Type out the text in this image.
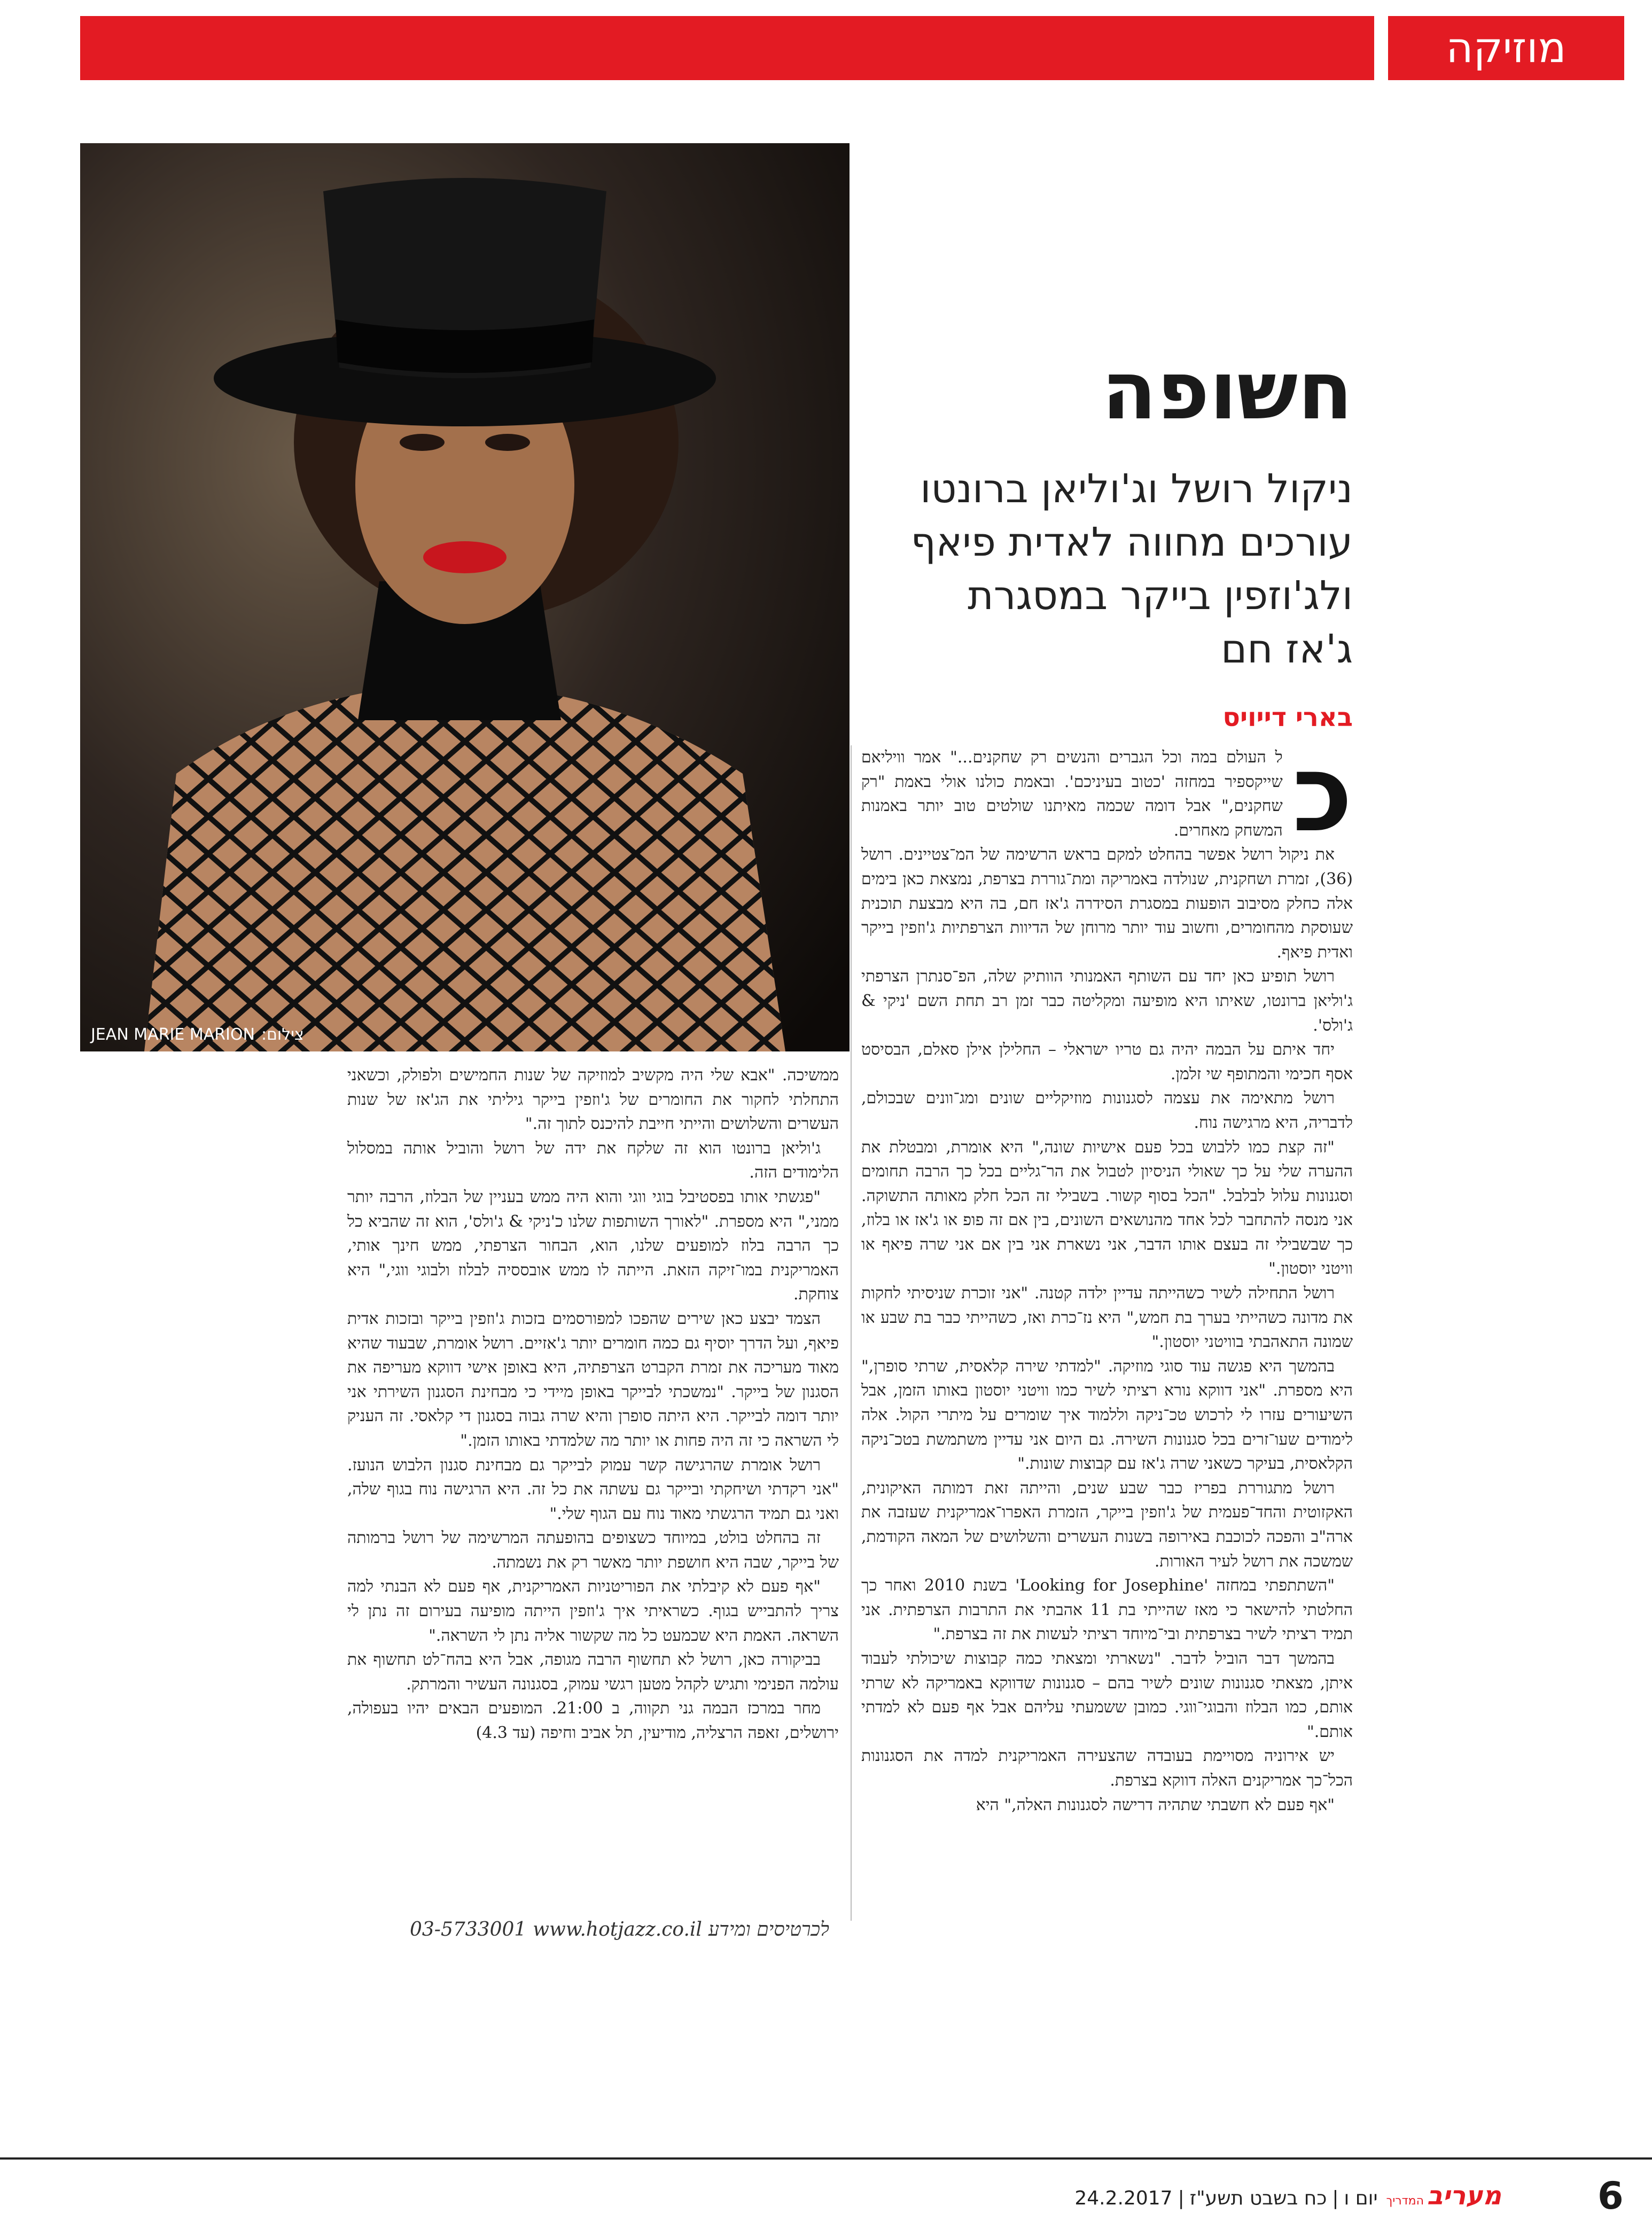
מוזיקה
צילום:JEAN MARIE MARION
חשופה
ניקול רושל וג'וליאן ברונטו
עורכים מחווה לאדית פיאף
ולג'וזפין בייקר במסגרת
ג'אז חם
בארי דייויס
כ

ל העולם במה וכל הגברים והנשים רק שחקנים..." אמר וויליאם שייקספיר במחזה 'כטוב בעיניכם'. ובאמת כולנו אולי באמת "רק שחקנים," אבל דומה שכמה מאיתנו שולטים טוב יותר באמנות המשחק מאחרים.

את ניקול רושל אפשר בהחלט למקם בראש הרשימה של המ־צטיינים. רושל (36), זמרת ושחקנית, שנולדה באמריקה ומת־גוררת בצרפת, נמצאת כאן בימים אלה כחלק מסיבוב הופעות במסגרת הסידרה ג'אז חם, בה היא מבצעת תוכנית שעוסקת מהחומרים, וחשוב עוד יותר מרוחן של הדיוות הצרפתיות ג'וזפין בייקר ואדית פיאף.

רושל תופיע כאן יחד עם השותף האמנותי הוותיק שלה, הפ־סנתרן הצרפתי ג'וליאן ברונטו, שאיתו היא מופיעה ומקליטה כבר זמן רב תחת השם 'ניקי & ג'ולס'.

יחד איתם על הבמה יהיה גם טריו ישראלי – החלילן אילן סאלם, הבסיסט אסף חכימי והמתופף שי זלמן.

רושל מתאימה את עצמה לסגנונות מוזיקליים שונים ומג־וונים שבכולם, לדבריה, היא מרגישה נוח.

"זה קצת כמו ללבוש בכל פעם אישיות שונה," היא אומרת, ומבטלת את ההערה שלי על כך שאולי הניסיון לטבול את הר־גליים בכל כך הרבה תחומים וסגנונות עלול לבלבל. "הכל בסוף קשור. בשבילי זה הכל חלק מאותה התשוקה. אני מנסה להתחבר לכל אחד מהנושאים השונים, בין אם זה פופ או ג'אז או בלוז, כך שבשבילי זה בעצם אותו הדבר, אני נשארת אני בין אם אני שרה פיאף או וויטני יוסטון."

רושל התחילה לשיר כשהייתה עדיין ילדה קטנה. "אני זוכרת שניסיתי לחקות את מדונה כשהייתי בערך בת חמש," היא נז־כרת ואז, כשהייתי כבר בת שבע או שמונה התאהבתי בוויטני יוסטון."

בהמשך היא פגשה עוד סוגי מוזיקה. "למדתי שירה קלאסית, שרתי סופרן," היא מספרת. "אני דווקא נורא רציתי לשיר כמו וויטני יוסטון באותו הזמן, אבל השיעורים עזרו לי לרכוש טכ־ניקה וללמוד איך שומרים על מיתרי הקול. אלה לימודים שעו־זרים בכל סגנונות השירה. גם היום אני עדיין משתמשת בטכ־ניקה הקלאסית, בעיקר כשאני שרה ג'אז עם קבוצות שונות."

רושל מתגוררת בפריז כבר שבע שנים, והייתה זאת דמותה האיקונית, האקזוטית והחד־פעמית של ג'וזפין בייקר, הזמרת האפרו־אמריקנית שעזבה את ארה"ב והפכה לכוכבת באירופה בשנות העשרים והשלושים של המאה הקודמת, שמשכה את רושל לעיר האורות.

"השתתפתי במחזה 'Looking for Josephine' בשנת 2010 ואחר כך החלטתי להישאר כי מאז שהייתי בת 11 אהבתי את התרבות הצרפתית. אני תמיד רציתי לשיר בצרפתית ובי־מיוחד רציתי לעשות את זה בצרפת."

בהמשך דבר הוביל לדבר. "נשארתי ומצאתי כמה קבוצות שיכולתי לעבוד איתן, מצאתי סגנונות שונים לשיר בהם – סגנונות שדווקא באמריקה לא שרתי אותם, כמו הבלוז והבוגי־ווגי. כמובן ששמעתי עליהם אבל אף פעם לא למדתי אותם."

יש אירוניה מסויימת בעובדה שהצעירה האמריקנית למדה את הסגנונות הכל־כך אמריקנים האלה דווקא בצרפת.

"אף פעם לא חשבתי שתהיה דרישה לסגנונות האלה," היא

ממשיכה. "אבא שלי היה מקשיב למוזיקה של שנות החמישים ולפולק, וכשאני התחלתי לחקור את החומרים של ג'וזפין בייקר גיליתי את הג'אז של שנות העשרים והשלושים והייתי חייבת להיכנס לתוך זה."

ג'וליאן ברונטו הוא זה שלקח את ידה של רושל והוביל אותה במסלול הלימודים הזה.

"פגשתי אותו בפסטיבל בוגי ווגי והוא היה ממש בעניין של הבלוז, הרבה יותר ממני," היא מספרת. "לאורך השותפות שלנו כ'ניקי & ג'ולס', הוא זה שהביא כל כך הרבה בלוז למופעים שלנו, הוא, הבחור הצרפתי, ממש חינך אותי, האמריקנית במו־זיקה הזאת. הייתה לו ממש אובססיה לבלוז ולבוגי ווגי," היא צוחקת.

הצמד יבצע כאן שירים שהפכו למפורסמים בזכות ג'וזפין בייקר ובזכות אדית פיאף, ועל הדרך יוסיף גם כמה חומרים יותר ג'אזיים. רושל אומרת, שבעוד שהיא מאוד מעריכה את זמרת הקברט הצרפתיה, היא באופן אישי דווקא מעריפה את הסגנון של בייקר. "נמשכתי לבייקר באופן מיידי כי מבחינת הסגנון השירתי אני יותר דומה לבייקר. היא היתה סופרן והיא שרה גבוה בסגנון די קלאסי. זה העניק לי השראה כי זה היה פחות או יותר מה שלמדתי באותו הזמן."

רושל אומרת שהרגישה קשר עמוק לבייקר גם מבחינת סגנון הלבוש הנועז. "אני רקדתי ושיחקתי ובייקר גם עשתה את כל זה. היא הרגישה נוח בגוף שלה, ואני גם תמיד הרגשתי מאוד נוח עם הגוף שלי."

זה בהחלט בולט, במיוחד כשצופים בהופעתה המרשימה של רושל ברמותה של בייקר, שבה היא חושפת יותר מאשר רק את נשמתה.

"אף פעם לא קיבלתי את הפוריטניות האמריקנית, אף פעם לא הבנתי למה צריך להתבייש בגוף. כשראיתי איך ג'וזפין הייתה מופיעה בעירום זה נתן לי השראה. האמת היא שכמעט כל מה שקשור אליה נתן לי השראה."

בביקורה כאן, רושל לא תחשוף הרבה מגופה, אבל היא בהח־לט תחשוף את עולמה הפנימי ותגיש לקהל מטען רגשי עמוק, בסגנונה העשיר והמרתק.

מחר במרכז הבמה גני תקווה, ב 21:00. המופעים הבאים יהיו בעפולה, ירושלים, זאפה הרצליה, מודיעין, תל אביב וחיפה (עד 4.3)

לכרטיסים ומידע03-5733001 www.hotjazz.co.il
מעריבהמדריךיום ו|כח בשבט תשע"ז|24.2.2017	6
